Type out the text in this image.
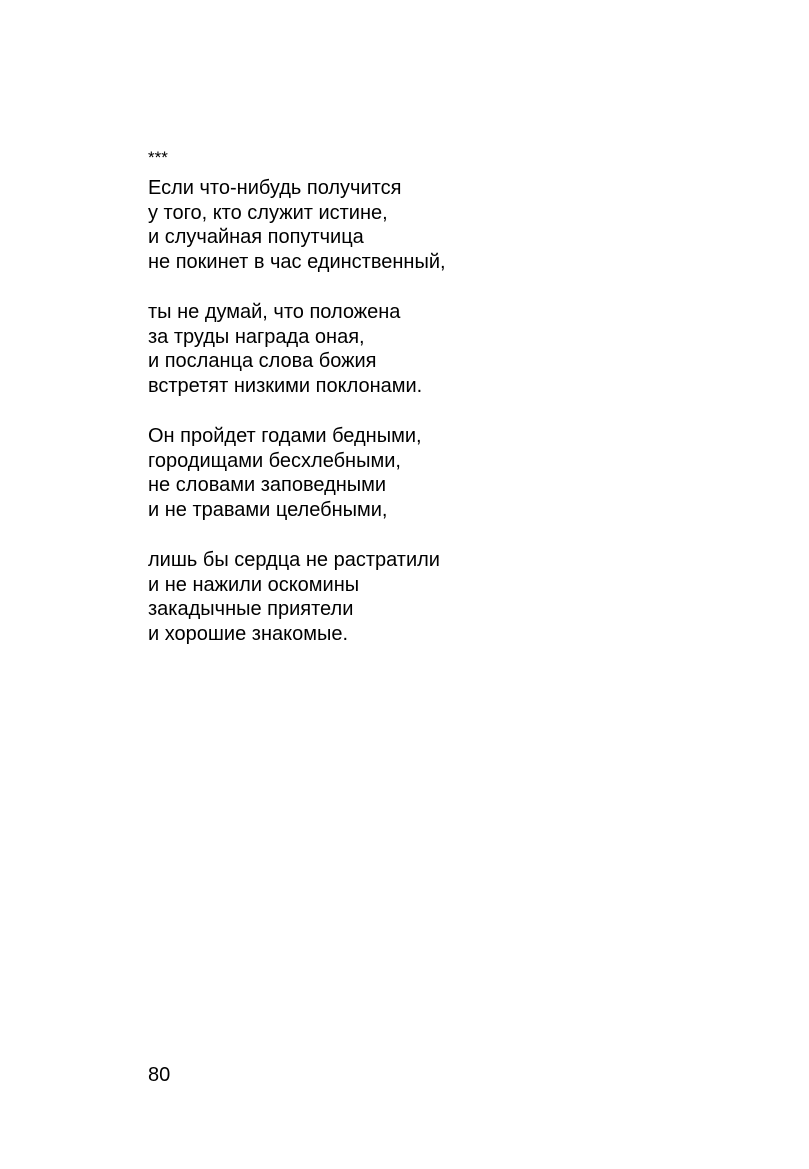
***
Если что-нибудь получится
у того, кто служит истине,
и случайная попутчица
не покинет в час единственный,
ты не думай, что положена
за труды награда оная,
и посланца слова божия
встретят низкими поклонами.
Он пройдет годами бедными,
городищами бесхлебными,
не словами заповедными
и не травами целебными,
лишь бы сердца не растратили
и не нажили оскомины
закадычные приятели
и хорошие знакомые.
80
